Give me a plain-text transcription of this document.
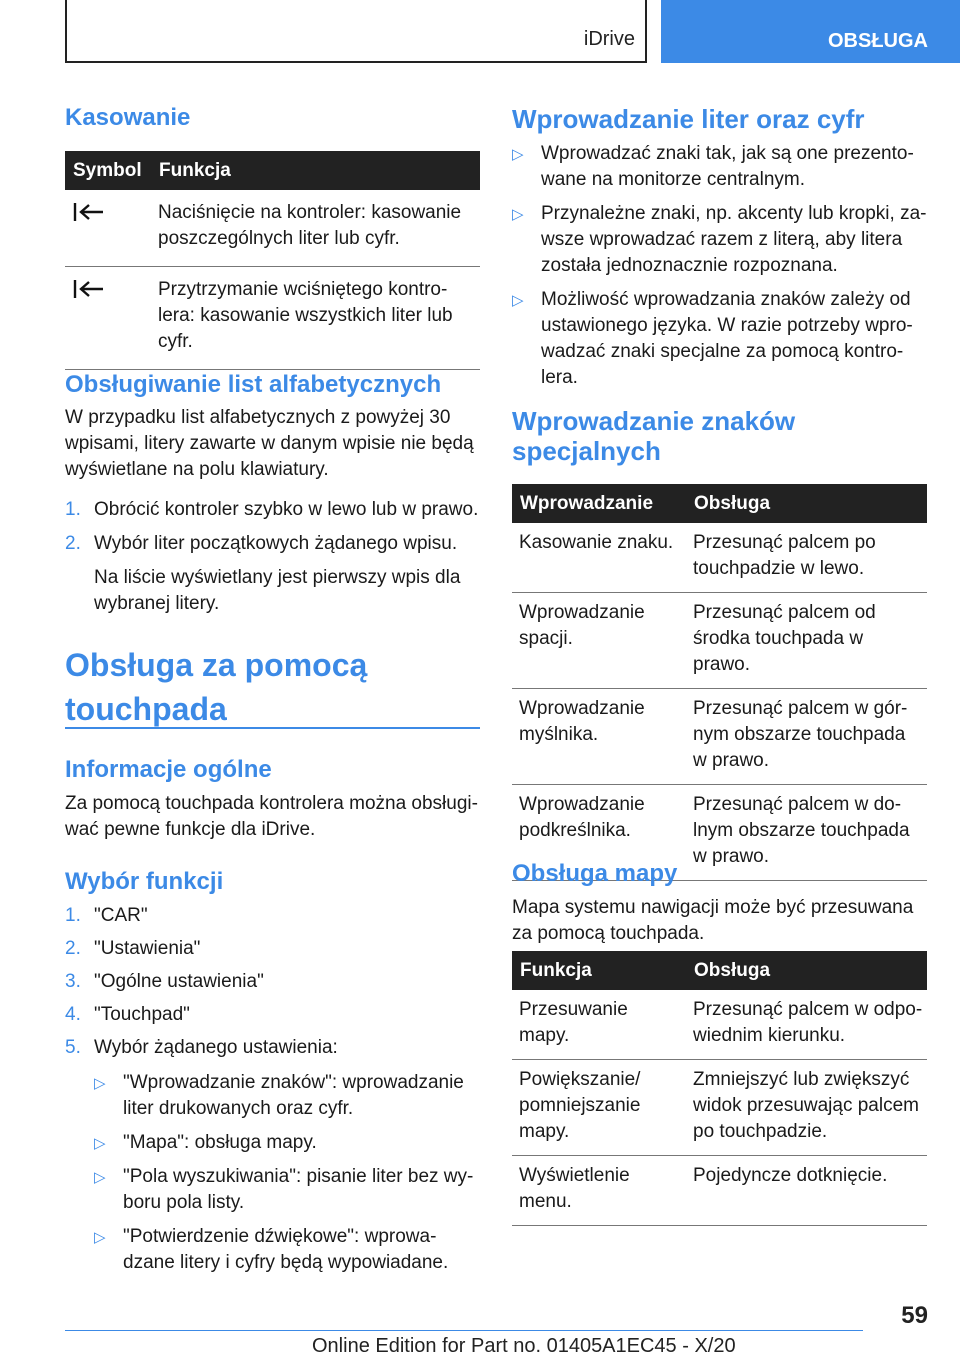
iDrive	OBSŁUGA
Kasowanie
Symbol	Funkcja

	Naciśnięcie na kontroler: kasowanie poszczególnych liter lub cyfr.

	Przytrzymanie wciśniętego kontro-lera: kasowanie wszystkich liter lub cyfr.
Obsługiwanie list alfabetycznych
W przypadku list alfabetycznych z powyżej 30 wpisami, litery zawarte w danym wpisie nie będą wyświetlane na polu klawiatury.
1. Obrócić kontroler szybko w lewo lub w prawo.
2. Wybór liter początkowych żądanego wpisu.
Na liście wyświetlany jest pierwszy wpis dla wybranej litery.
Obsługa za pomocą
touchpada
Informacje ogólne
Za pomocą touchpada kontrolera można obsługi-wać pewne funkcje dla iDrive.
Wybór funkcji
1. "CAR"
2. "Ustawienia"
3. "Ogólne ustawienia"
4. "Touchpad"
5. Wybór żądanego ustawienia:
▷ "Wprowadzanie znaków": wprowadzanie liter drukowanych oraz cyfr.
▷ "Mapa": obsługa mapy.
▷ "Pola wyszukiwania": pisanie liter bez wy-boru pola listy.
▷ "Potwierdzenie dźwiękowe": wprowa-dzane litery i cyfry będą wypowiadane.
Wprowadzanie liter oraz cyfr
▷ Wprowadzać znaki tak, jak są one prezento-wane na monitorze centralnym.
▷ Przynależne znaki, np. akcenty lub kropki, za-wsze wprowadzać razem z literą, aby litera została jednoznacznie rozpoznana.
▷ Możliwość wprowadzania znaków zależy od ustawionego języka. W razie potrzeby wpro-wadzać znaki specjalne za pomocą kontro-lera.
Wprowadzanie znaków
specjalnych
Wprowadzanie	Obsługa
Kasowanie znaku.	Przesunąć palcem po touchpadzie w lewo.
Wprowadzanie spacji.	Przesunąć palcem od środka touchpada w prawo.
Wprowadzanie myślnika.	Przesunąć palcem w gór-nym obszarze touchpada w prawo.
Wprowadzanie podkreślnika.	Przesunąć palcem w do-lnym obszarze touchpada w prawo.
Obsługa mapy
Mapa systemu nawigacji może być przesuwana za pomocą touchpada.
Funkcja	Obsługa
Przesuwanie mapy.	Przesunąć palcem w odpo-wiednim kierunku.
Powiększanie/ pomniejszanie mapy.	Zmniejszyć lub zwiększyć widok przesuwając palcem po touchpadzie.
Wyświetlenie menu.	Pojedyncze dotknięcie.
59
Online Edition for Part no. 01405A1EC45 - X/20
